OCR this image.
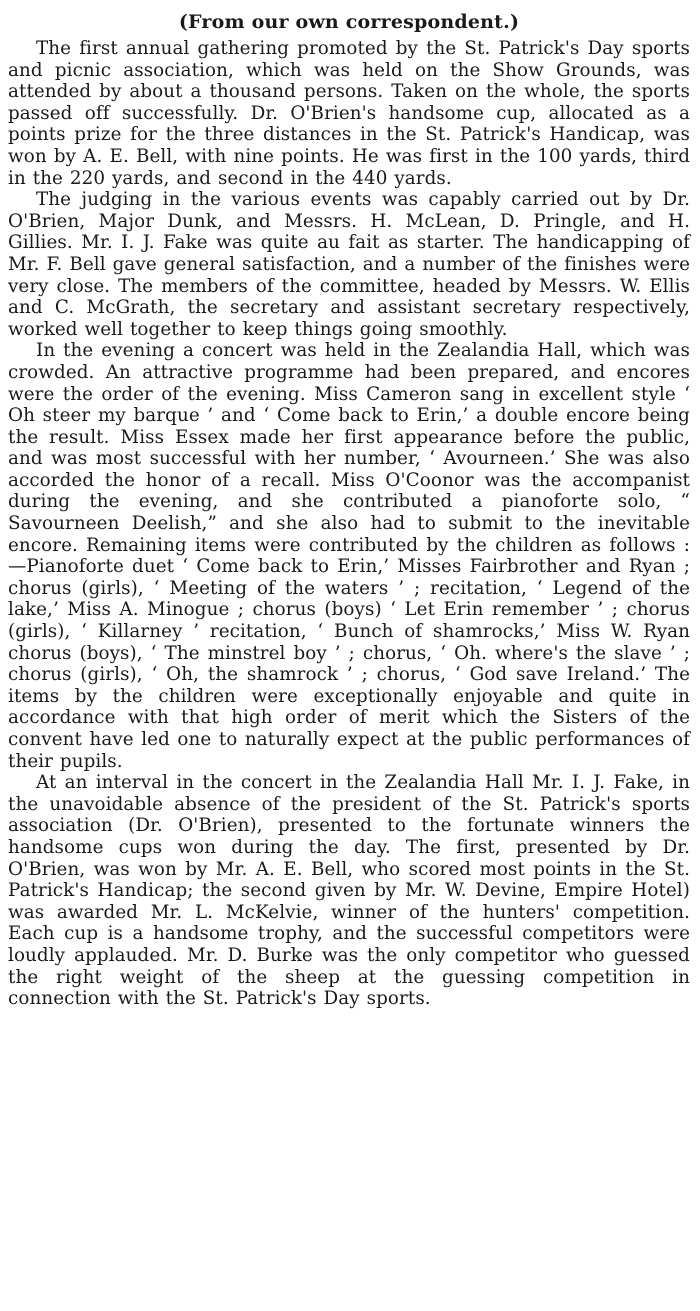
(From our own correspondent.)

The first annual gathering promoted by the St. Patrick's Day sports and picnic association, which was held on the Show Grounds, was attended by about a thousand persons. Taken on the whole, the sports passed off successfully. Dr. O'Brien's handsome cup, allocated as a points prize for the three distances in the St. Patrick's Handicap, was won by A. E. Bell, with nine points. He was first in the 100 yards, third in the 220 yards, and second in the 440 yards.

The judging in the various events was capably carried out by Dr. O'Brien, Major Dunk, and Messrs. H. McLean, D. Pringle, and H. Gillies. Mr. I. J. Fake was quite au fait as starter. The handicapping of Mr. F. Bell gave general satisfaction, and a number of the finishes were very close. The members of the committee, headed by Messrs. W. Ellis and C. McGrath, the secretary and assistant secretary respectively, worked well together to keep things going smoothly.

In the evening a concert was held in the Zealandia Hall, which was crowded. An attractive programme had been prepared, and encores were the order of the evening. Miss Cameron sang in excellent style ‘ Oh steer my barque ’ and ‘ Come back to Erin,’ a double encore being the result. Miss Essex made her first appearance before the public, and was most successful with her number, ‘ Avourneen.’ She was also accorded the honor of a recall. Miss O'Coonor was the accompanist during the evening, and she contributed a pianoforte solo, “ Savourneen Deelish,” and she also had to submit to the inevitable encore. Remaining items were contributed by the children as follows :—Pianoforte duet ‘ Come back to Erin,’ Misses Fairbrother and Ryan ; chorus (girls), ‘ Meeting of the waters ’ ; recitation, ‘ Legend of the lake,’ Miss A. Minogue ; chorus (boys) ‘ Let Erin remember ’ ; chorus (girls), ‘ Killarney ’ recitation, ‘ Bunch of shamrocks,’ Miss W. Ryan chorus (boys), ‘ The minstrel boy ’ ; chorus, ‘ Oh. where's the slave ’ ; chorus (girls), ‘ Oh, the shamrock ’ ; chorus, ‘ God save Ireland.’ The items by the children were exceptionally enjoyable and quite in accordance with that high order of merit which the Sisters of the convent have led one to naturally expect at the public performances of their pupils.

At an interval in the concert in the Zealandia Hall Mr. I. J. Fake, in the unavoidable absence of the president of the St. Patrick's sports association (Dr. O'Brien), presented to the fortunate winners the handsome cups won during the day. The first, presented by Dr. O'Brien, was won by Mr. A. E. Bell, who scored most points in the St. Patrick's Handicap; the second given by Mr. W. Devine, Empire Hotel) was awarded Mr. L. McKelvie, winner of the hunters' competition. Each cup is a handsome trophy, and the successful competitors were loudly applauded. Mr. D. Burke was the only competitor who guessed the right weight of the sheep at the guessing competition in connection with the St. Patrick's Day sports.
